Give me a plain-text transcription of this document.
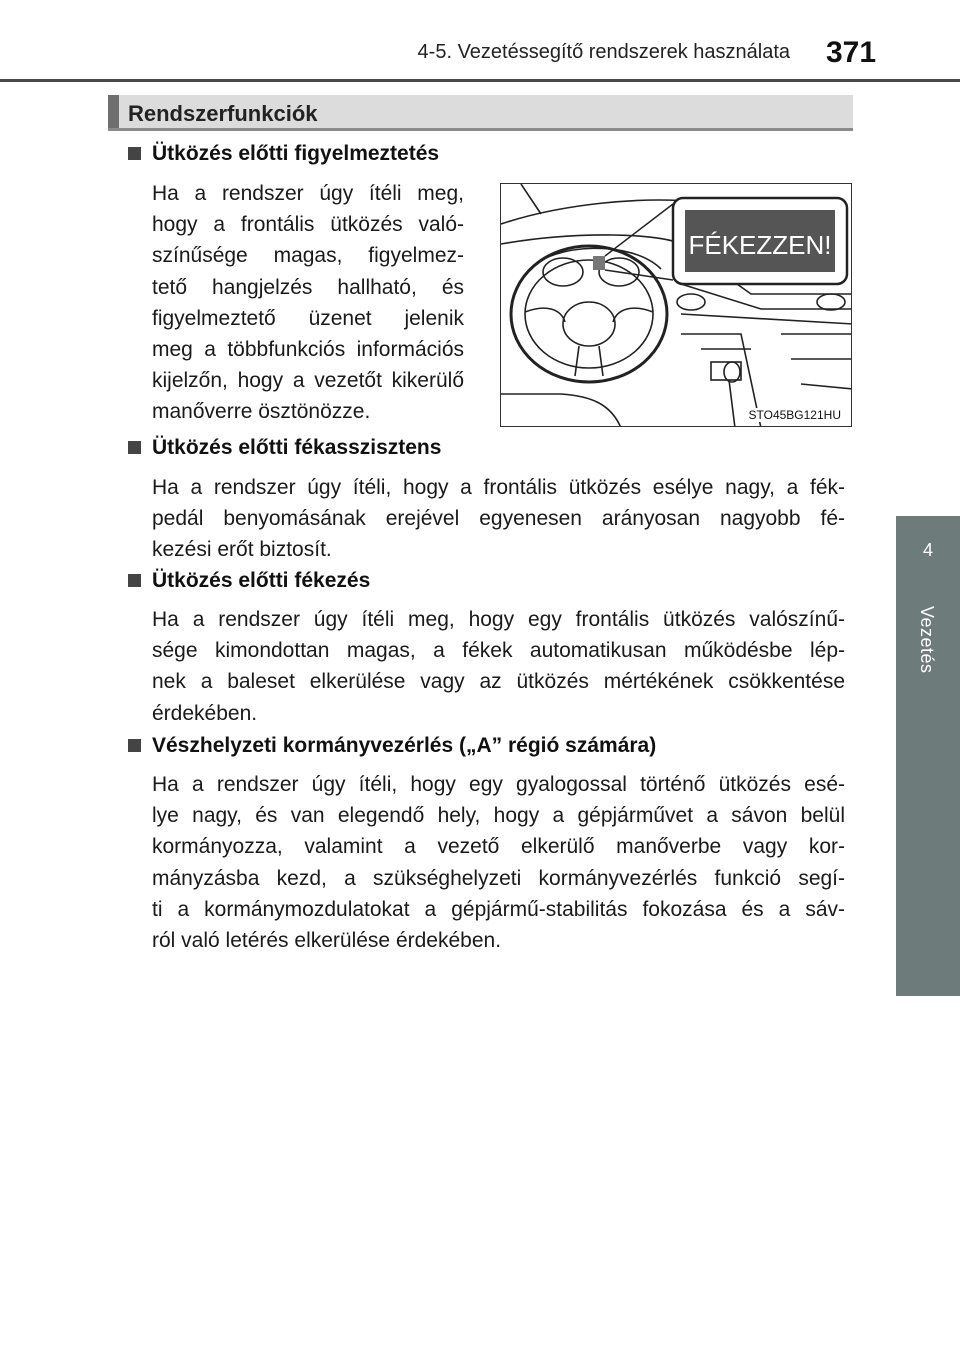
4-5. Vezetéssegítő rendszerek használata 371
4
Vezetés
Rendszerfunkciók
Ütközés előtti figyelmeztetés
Ha a rendszer úgy ítéli meg,
hogy a frontális ütközés való-
színűsége magas, figyelmez-
tető hangjelzés hallható, és
figyelmeztető üzenet jelenik
meg a többfunkciós információs
kijelzőn, hogy a vezetőt kikerülő
manőverre ösztönözze.
FÉKEZZEN!
STO45BG121HU
Ütközés előtti fékasszisztens
Ha a rendszer úgy ítéli, hogy a frontális ütközés esélye nagy, a fék-
pedál benyomásának erejével egyenesen arányosan nagyobb fé-
kezési erőt biztosít.
Ütközés előtti fékezés
Ha a rendszer úgy ítéli meg, hogy egy frontális ütközés valószínű-
sége kimondottan magas, a fékek automatikusan működésbe lép-
nek a baleset elkerülése vagy az ütközés mértékének csökkentése
érdekében.
Vészhelyzeti kormányvezérlés („A” régió számára)
Ha a rendszer úgy ítéli, hogy egy gyalogossal történő ütközés esé-
lye nagy, és van elegendő hely, hogy a gépjárművet a sávon belül
kormányozza, valamint a vezető elkerülő manőverbe vagy kor-
mányzásba kezd, a szükséghelyzeti kormányvezérlés funkció segí-
ti a kormánymozdulatokat a gépjármű-stabilitás fokozása és a sáv-
ról való letérés elkerülése érdekében.
